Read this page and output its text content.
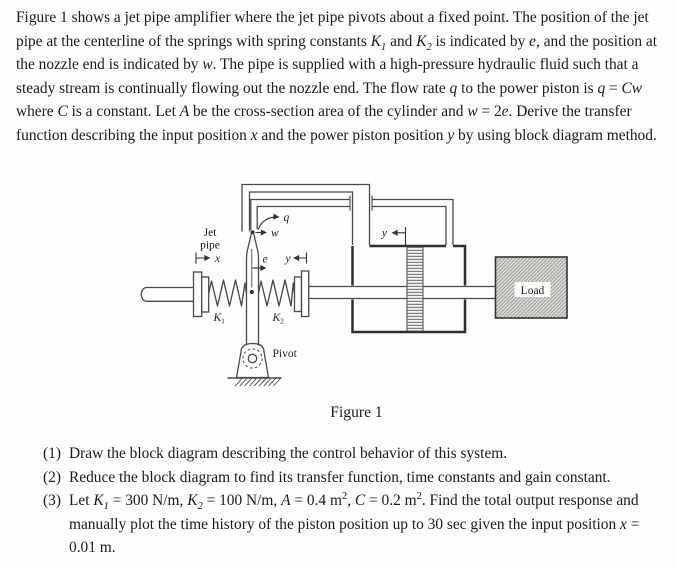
Figure 1 shows a jet pipe amplifier where the jet pipe pivots about a fixed point. The position of the jet pipe at the centerline of the springs with spring constants $K_1$ and $K_2$ is indicated by e, and the position at the nozzle end is indicated by w. The pipe is supplied with a high-pressure hydraulic fluid such that a steady stream is continually flowing out the nozzle end. The flow rate q to the power piston is q = Cw where C is a constant. Let A be the cross-section area of the cylinder and w = 2e. Derive the transfer function describing the input position x and the power piston position y by using block diagram method.
Load
Jet
pipe
x	e y
w
q
$K_1$	$K_2$
Pivot
y
Figure 1
(1) Draw the block diagram describing the control behavior of this system.
(2) Reduce the block diagram to find its transfer function, time constants and gain constant.
(3) Let $K_1 = 300$ N/m, $K_2 = 100$ N/m, A = 0.4 $m^2$, C = 0.2 $m^2$. Find the total output response and manually plot the time history of the piston position up to 30 sec given the input position x = 0.01 m.
